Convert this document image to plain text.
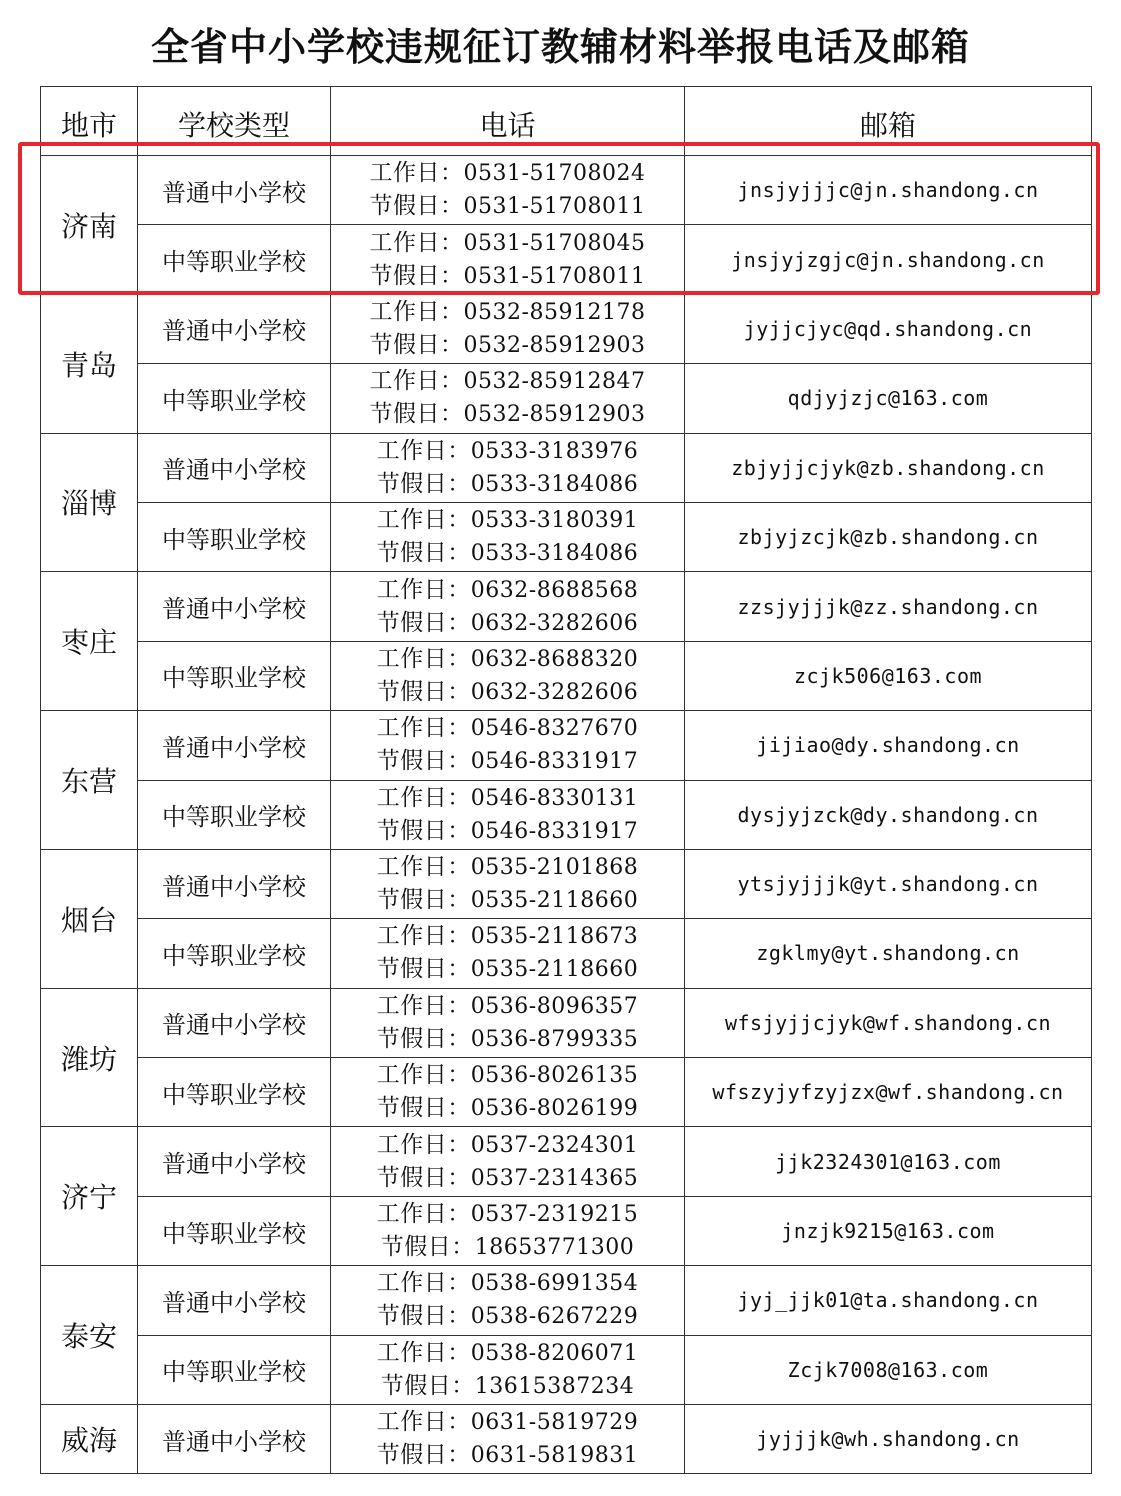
全省中小学校违规征订教辅材料举报电话及邮箱
地市	学校类型	电话	邮箱
济南	普通中小学校	工作日：0531-51708024
节假日：0531-51708011	jnsjyjjjc@jn.shandong.cn
	中等职业学校	工作日：0531-51708045
节假日：0531-51708011	jnsjyjzgjc@jn.shandong.cn
青岛	普通中小学校	工作日：0532-85912178
节假日：0532-85912903	jyjjcjyc@qd.shandong.cn
	中等职业学校	工作日：0532-85912847
节假日：0532-85912903	qdjyjzjc@163.com
淄博	普通中小学校	工作日：0533-3183976
节假日：0533-3184086	zbjyjjcjyk@zb.shandong.cn
	中等职业学校	工作日：0533-3180391
节假日：0533-3184086	zbjyjzcjk@zb.shandong.cn
枣庄	普通中小学校	工作日：0632-8688568
节假日：0632-3282606	zzsjyjjjk@zz.shandong.cn
	中等职业学校	工作日：0632-8688320
节假日：0632-3282606	zcjk506@163.com
东营	普通中小学校	工作日：0546-8327670
节假日：0546-8331917	jijiao@dy.shandong.cn
	中等职业学校	工作日：0546-8330131
节假日：0546-8331917	dysjyjzck@dy.shandong.cn
烟台	普通中小学校	工作日：0535-2101868
节假日：0535-2118660	ytsjyjjjk@yt.shandong.cn
	中等职业学校	工作日：0535-2118673
节假日：0535-2118660	zgklmy@yt.shandong.cn
潍坊	普通中小学校	工作日：0536-8096357
节假日：0536-8799335	wfsjyjjcjyk@wf.shandong.cn
	中等职业学校	工作日：0536-8026135
节假日：0536-8026199	wfszyjyfzyjzx@wf.shandong.cn
济宁	普通中小学校	工作日：0537-2324301
节假日：0537-2314365	jjk2324301@163.com
	中等职业学校	工作日：0537-2319215
节假日：18653771300	jnzjk9215@163.com
泰安	普通中小学校	工作日：0538-6991354
节假日：0538-6267229	jyj_jjk01@ta.shandong.cn
	中等职业学校	工作日：0538-8206071
节假日：13615387234	Zcjk7008@163.com
威海	普通中小学校	工作日：0631-5819729
节假日：0631-5819831	jyjjjk@wh.shandong.cn
